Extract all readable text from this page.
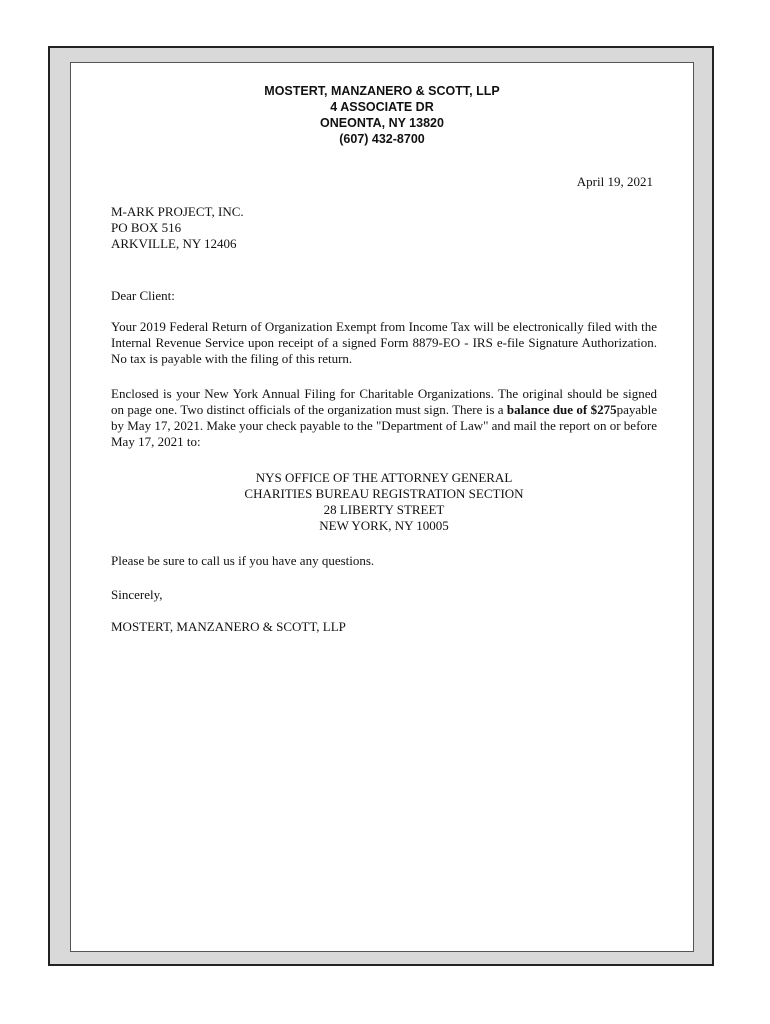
MOSTERT, MANZANERO & SCOTT, LLP
4 ASSOCIATE DR
ONEONTA, NY 13820
(607) 432-8700
April 19, 2021
M-ARK PROJECT, INC.
PO BOX 516
ARKVILLE, NY 12406
Dear Client:
Your 2019 Federal Return of Organization Exempt from Income Tax will be electronically filed with the Internal Revenue Service upon receipt of a signed Form 8879-EO - IRS e-file Signature Authorization. No tax is payable with the filing of this return.
Enclosed is your New York Annual Filing for Charitable Organizations. The original should be signed on page one. Two distinct officials of the organization must sign. There is a balance due of $275payable by May 17, 2021. Make your check payable to the "Department of Law" and mail the report on or before May 17, 2021 to:
NYS OFFICE OF THE ATTORNEY GENERAL
CHARITIES BUREAU REGISTRATION SECTION
28 LIBERTY STREET
NEW YORK, NY 10005
Please be sure to call us if you have any questions.
Sincerely,
MOSTERT, MANZANERO & SCOTT, LLP
